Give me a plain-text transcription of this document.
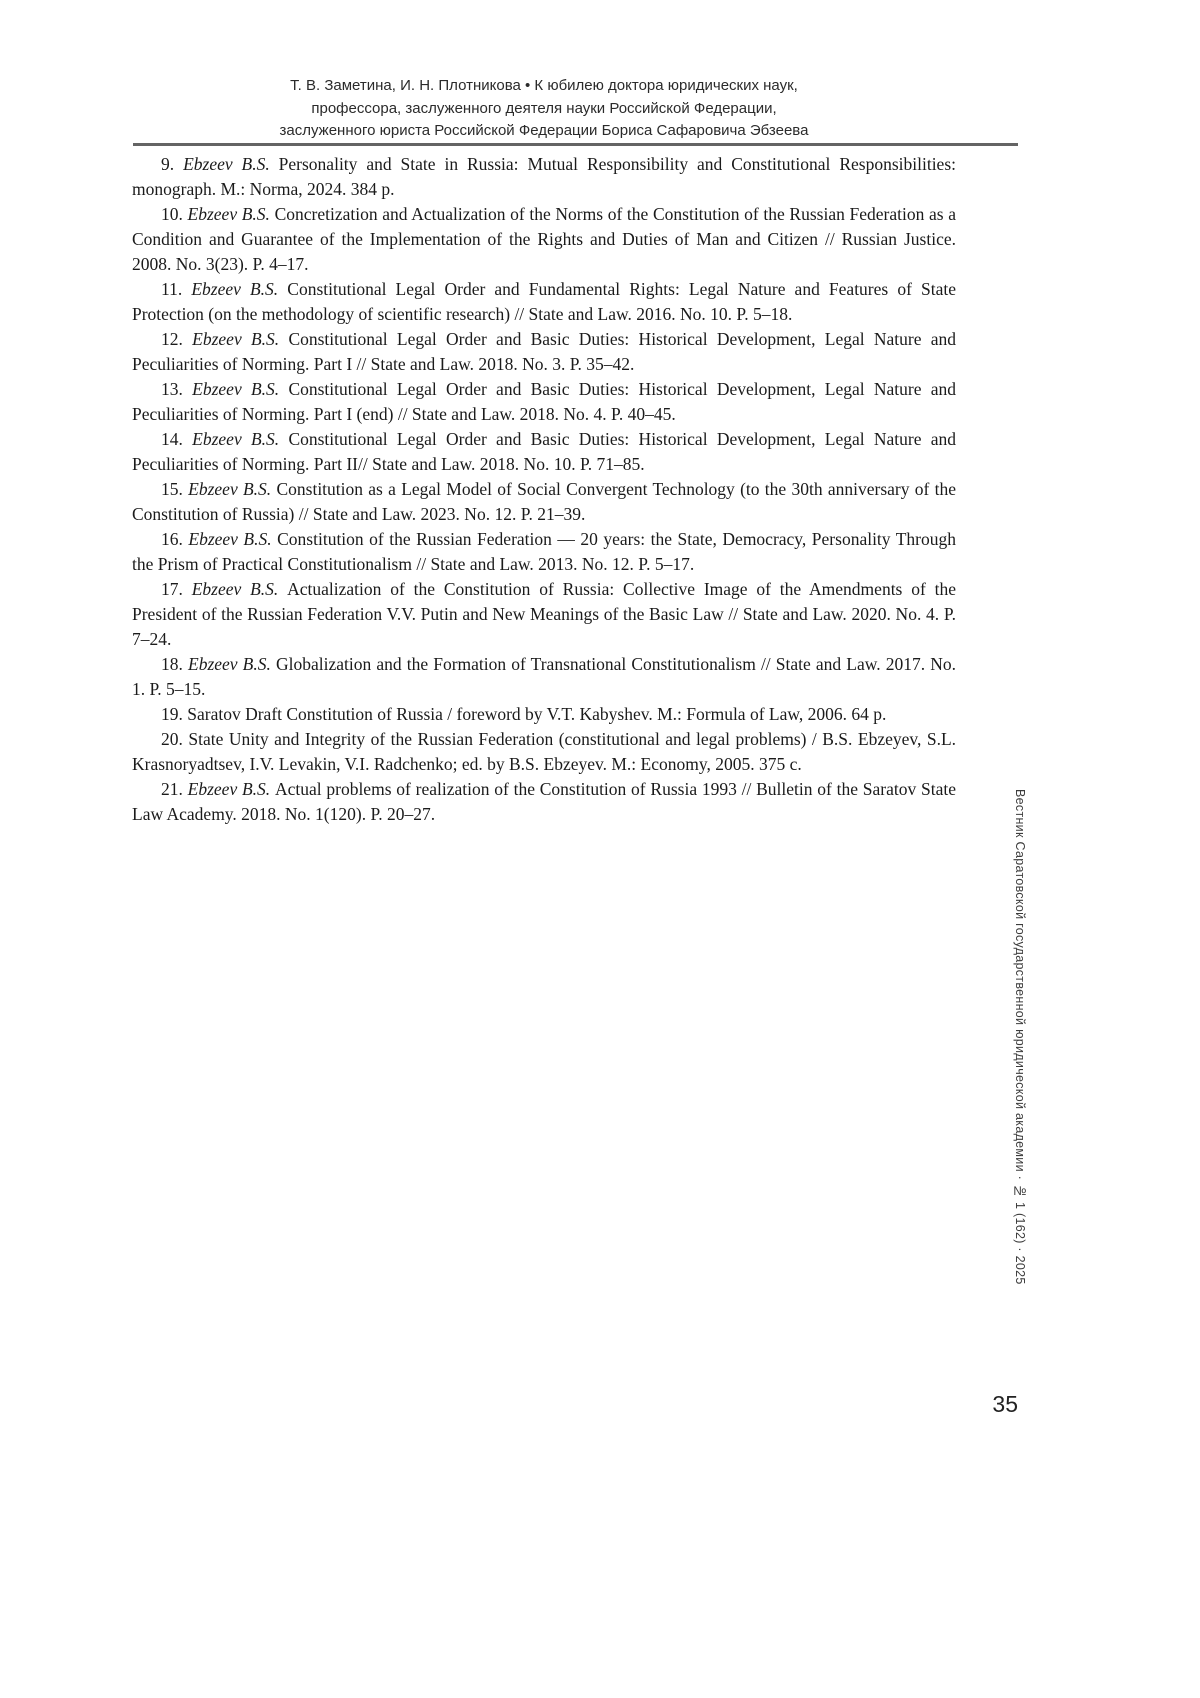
Т. В. Заметина, И. Н. Плотникова • К юбилею доктора юридических наук,
профессора, заслуженного деятеля науки Российской Федерации,
заслуженного юриста Российской Федерации Бориса Сафаровича Эбзеева

9. Ebzeev B.S. Personality and State in Russia: Mutual Responsibility and Constitutional Responsibilities: monograph. M.: Norma, 2024. 384 p.

10. Ebzeev B.S. Concretization and Actualization of the Norms of the Constitution of the Russian Federation as a Condition and Guarantee of the Implementation of the Rights and Duties of Man and Citizen // Russian Justice. 2008. No. 3(23). P. 4–17.

11. Ebzeev B.S. Constitutional Legal Order and Fundamental Rights: Legal Nature and Features of State Protection (on the methodology of scientific research) // State and Law. 2016. No. 10. P. 5–18.

12. Ebzeev B.S. Constitutional Legal Order and Basic Duties: Historical Development, Legal Nature and Peculiarities of Norming. Part I // State and Law. 2018. No. 3. P. 35–42.

13. Ebzeev B.S. Constitutional Legal Order and Basic Duties: Historical Development, Legal Nature and Peculiarities of Norming. Part I (end) // State and Law. 2018. No. 4. P. 40–45.

14. Ebzeev B.S. Constitutional Legal Order and Basic Duties: Historical Development, Legal Nature and Peculiarities of Norming. Part II// State and Law. 2018. No. 10. P. 71–85.

15. Ebzeev B.S. Constitution as a Legal Model of Social Convergent Technology (to the 30th anniversary of the Constitution of Russia) // State and Law. 2023. No. 12. P. 21–39.

16. Ebzeev B.S. Constitution of the Russian Federation — 20 years: the State, Democracy, Personality Through the Prism of Practical Constitutionalism // State and Law. 2013. No. 12. P. 5–17.

17. Ebzeev B.S. Actualization of the Constitution of Russia: Collective Image of the Amendments of the President of the Russian Federation V.V. Putin and New Meanings of the Basic Law // State and Law. 2020. No. 4. P. 7–24.

18. Ebzeev B.S. Globalization and the Formation of Transnational Constitutionalism // State and Law. 2017. No. 1. P. 5–15.

19. Saratov Draft Constitution of Russia / foreword by V.T. Kabyshev. M.: Formula of Law, 2006. 64 p.

20. State Unity and Integrity of the Russian Federation (constitutional and legal problems) / B.S. Ebzeyev, S.L. Krasnoryadtsev, I.V. Levakin, V.I. Radchenko; ed. by B.S. Ebzeyev. M.: Economy, 2005. 375 c.

21. Ebzeev B.S. Actual problems of realization of the Constitution of Russia 1993 // Bulletin of the Saratov State Law Academy. 2018. No. 1(120). P. 20–27.	Вестник Саратовской государственной юридической академии · № 1 (162) · 2025
35
